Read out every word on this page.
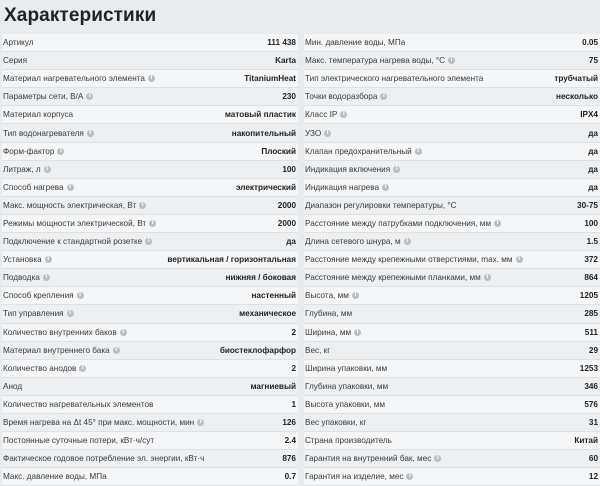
Характеристики
Артикул	111 438
Серия	Karta
Материал нагревательного элемента	i	TitaniumHeat
Параметры сети, В/А	i	230
Материал корпуса	матовый пластик
Тип водонагревателя	i	накопительный
Форм-фактор	i	Плоский
Литраж, л	i	100
Способ нагрева	i	электрический
Макс. мощность электрическая, Вт	i	2000
Режимы мощности электрической, Вт	i	2000
Подключение к стандартной розетке	i	да
Установка	i	вертикальная / горизонтальная
Подводка	i	нижняя / боковая
Способ крепления	i	настенный
Тип управления	i	механическое
Количество внутренних баков	i	2
Материал внутреннего бака	i	биостеклофарфор
Количество анодов	i	2
Анод	магниевый
Количество нагревательных элементов	1
Время нагрева на Δt 45° при макс. мощности, мин	i	126
Постоянные суточные потери, кВт·ч/сут	2.4
Фактическое годовое потребление эл. энергии, кВт·ч	876
Макс. давление воды, МПа	0.7
Мин. давление воды, МПа	0.05
Макс. температура нагрева воды, °C	i	75
Тип электрического нагревательного элемента	трубчатый
Точки водоразбора	i	несколько
Класс IP	i	IPX4
УЗО	i	да
Клапан предохранительный	i	да
Индикация включения	i	да
Индикация нагрева	i	да
Диапазон регулировки температуры, °C	30-75
Расстояние между патрубками подключения, мм	i	100
Длина сетевого шнура, м	i	1.5
Расстояние между крепежными отверстиями, max. мм	i	372
Расстояние между крепежными планками, мм	i	864
Высота, мм	i	1205
Глубина, мм	285
Ширина, мм	i	511
Вес, кг	29
Ширина упаковки, мм	1253
Глубина упаковки, мм	346
Высота упаковки, мм	576
Вес упаковки, кг	31
Страна производитель	Китай
Гарантия на внутренний бак, мес	i	60
Гарантия на изделие, мес	i	12
